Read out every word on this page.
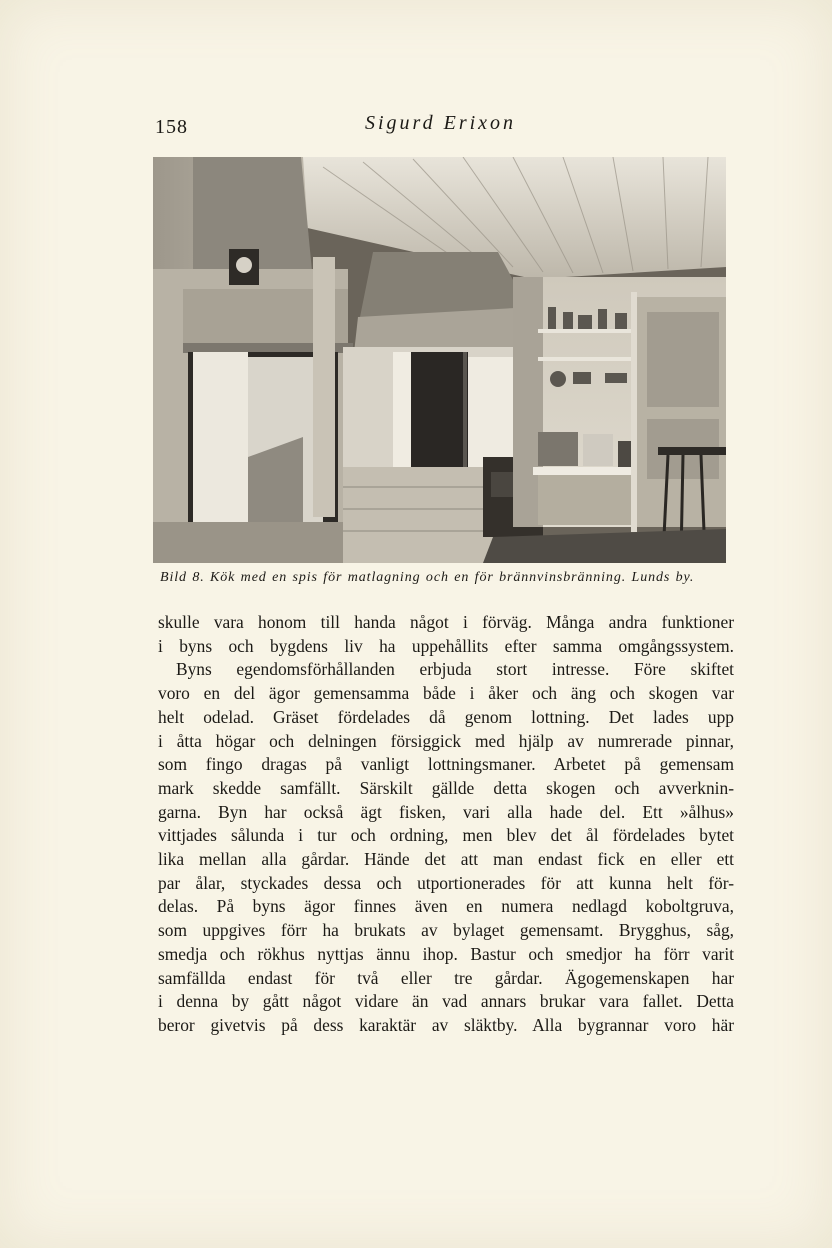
158	Sigurd Erixon
Bild 8. Kök med en spis för matlagning och en för brännvinsbränning. Lunds by.
skulle vara honom till handa något i förväg. Många andra funktioner
i byns och bygdens liv ha uppehållits efter samma omgångssystem.
Byns egendomsförhållanden erbjuda stort intresse. Före skiftet
voro en del ägor gemensamma både i åker och äng och skogen var
helt odelad. Gräset fördelades då genom lottning. Det lades upp
i åtta högar och delningen försiggick med hjälp av numrerade pinnar,
som fingo dragas på vanligt lottningsmaner. Arbetet på gemensam
mark skedde samfällt. Särskilt gällde detta skogen och avverknin-
garna. Byn har också ägt fisken, vari alla hade del. Ett »ålhus»
vittjades sålunda i tur och ordning, men blev det ål fördelades bytet
lika mellan alla gårdar. Hände det att man endast fick en eller ett
par ålar, styckades dessa och utportionerades för att kunna helt för-
delas. På byns ägor finnes även en numera nedlagd koboltgruva,
som uppgives förr ha brukats av bylaget gemensamt. Brygghus, såg,
smedja och rökhus nyttjas ännu ihop. Bastur och smedjor ha förr varit
samfällda endast för två eller tre gårdar. Ägogemenskapen har
i denna by gått något vidare än vad annars brukar vara fallet. Detta
beror givetvis på dess karaktär av släktby. Alla bygrannar voro här
